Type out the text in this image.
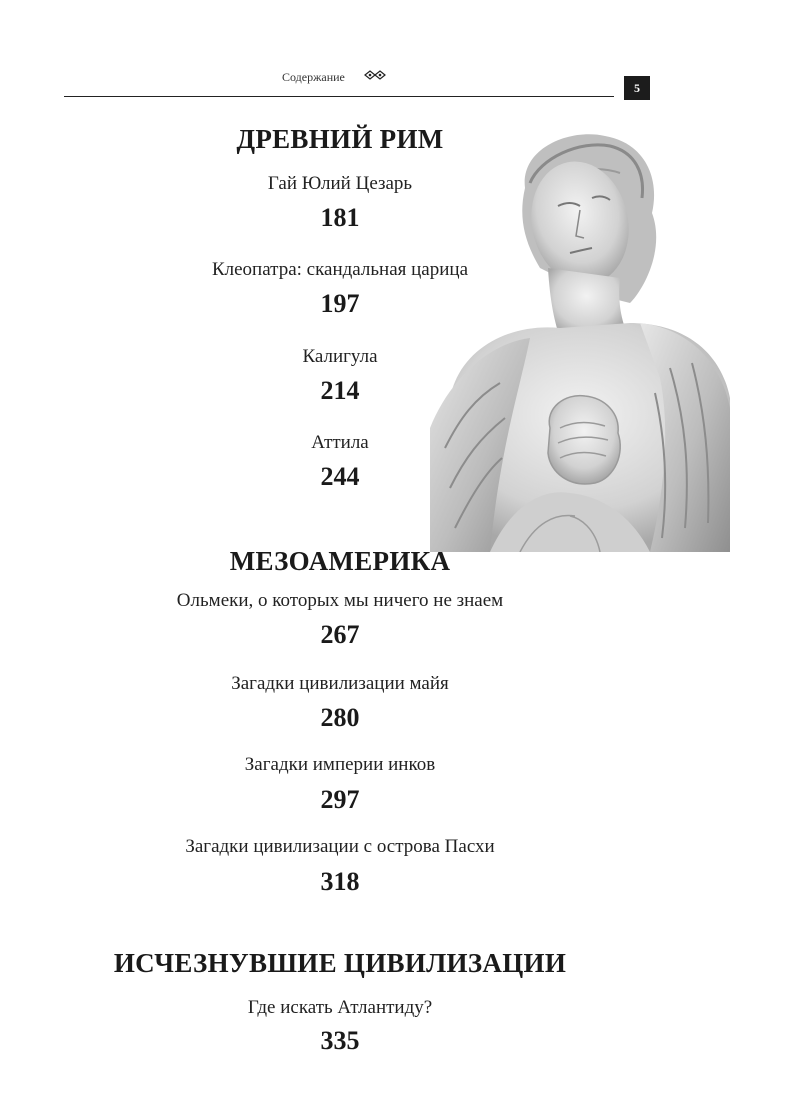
Содержание
5
ДРЕВНИЙ РИМ
Гай Юлий Цезарь
181
Клеопатра: скандальная царица
197
Калигула
214
Аттила
244
МЕЗОАМЕРИКА
Ольмеки, о которых мы ничего не знаем
267
Загадки цивилизации майя
280
Загадки империи инков
297
Загадки цивилизации с острова Пасхи
318
ИСЧЕЗНУВШИЕ ЦИВИЛИЗАЦИИ
Где искать Атлантиду?
335
